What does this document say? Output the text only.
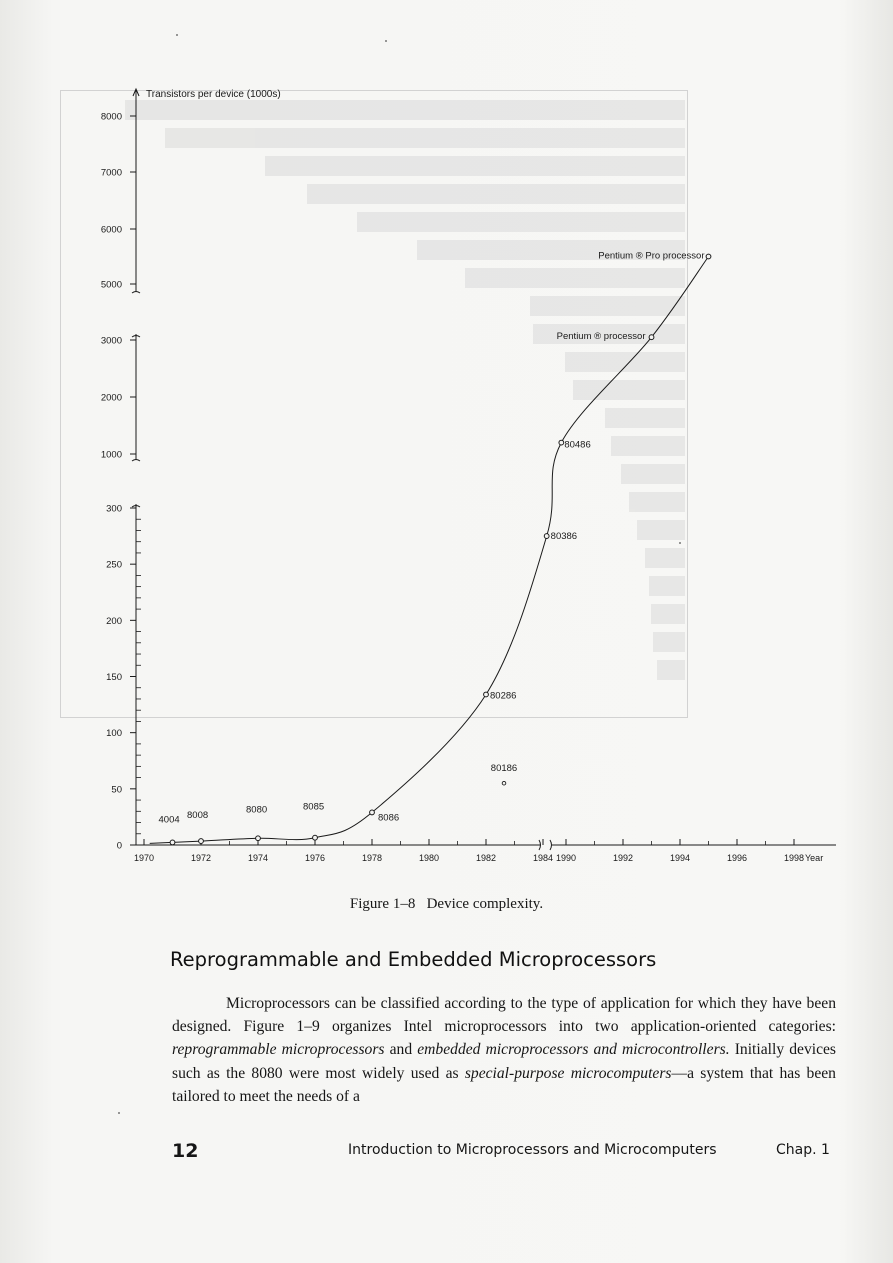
0
50
100
150
200
250
300
1000
2000
3000
5000
6000
7000
8000
1970	1972	1974	1976	1978	1980	1982	1984 1990	1992	1994	1996	1998
4004 8008
8080	8085
8086
80286
80386
80486
Pentium ® processor
Pentium ® Pro processor
80186
Transistors per device (1000s)
Year
Figure 1–8 Device complexity.
Reprogrammable and Embedded Microprocessors
Microprocessors can be classified according to the type of application for which they have been designed. Figure 1–9 organizes Intel microprocessors into two application-oriented categories: reprogrammable microprocessors and embedded microprocessors and microcontrollers. Initially devices such as the 8080 were most widely used as special-purpose microcomputers—a system that has been tailored to meet the needs of a
12	Introduction to Microprocessors and Microcomputers	Chap. 1
